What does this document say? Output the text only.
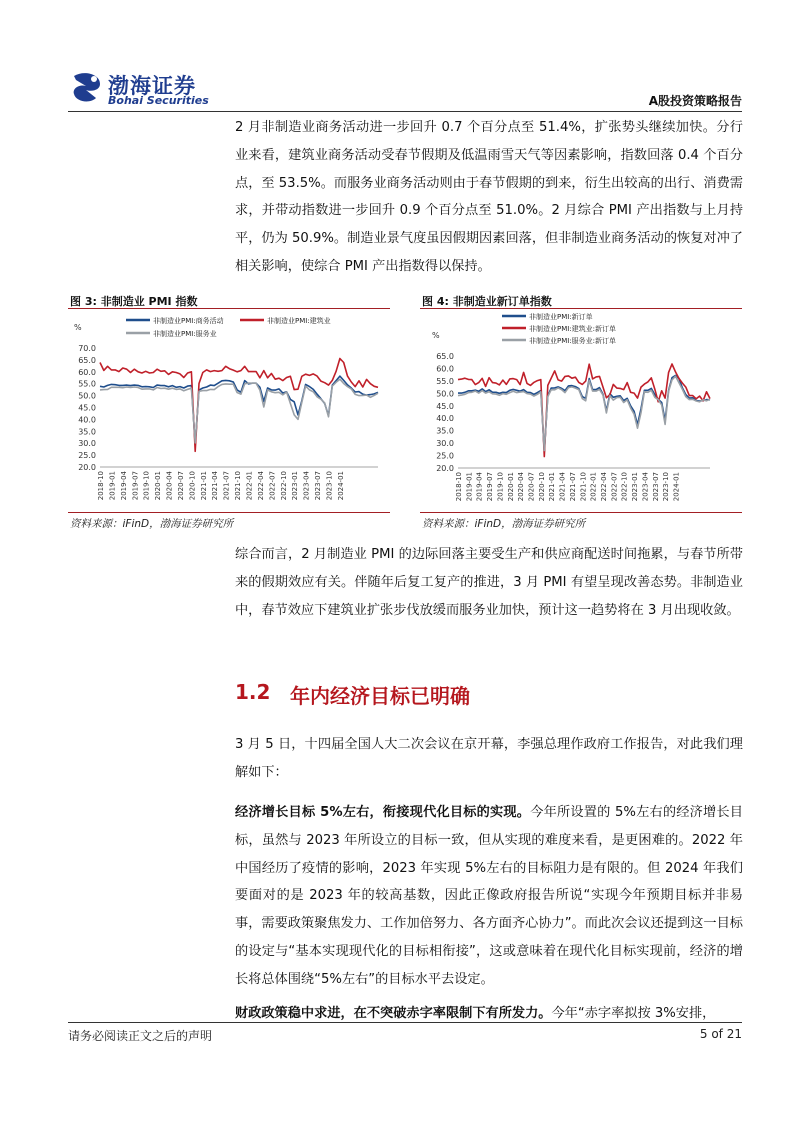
渤海证券
Bohai Securities	A股投资策略报告

2 月非制造业商务活动进一步回升 0.7 个百分点至 51.4%，扩张势头继续加快。分行业来看，建筑业商务活动受春节假期及低温雨雪天气等因素影响，指数回落 0.4 个百分点，至 53.5%。而服务业商务活动则由于春节假期的到来，衍生出较高的出行、消费需求，并带动指数进一步回升 0.9 个百分点至 51.0%。2 月综合 PMI 产出指数与上月持平，仍为 50.9%。制造业景气度虽因假期因素回落，但非制造业商务活动的恢复对冲了相关影响，使综合 PMI 产出指数得以保持。

图 3: 非制造业 PMI 指数
%
70.0
65.0
60.0
55.0
50.0
45.0
40.0
35.0
30.0
25.0
20.0
2018-10 2019-01 2019-04 2019-07 2019-10 2020-01 2020-04 2020-07 2020-10 2021-01 2021-04 2021-07 2021-10 2022-01 2022-04 2022-07 2022-10 2023-01 2023-04 2023-07 2023-10 2024-01
非制造业PMI:商务活动	非制造业PMI:建筑业
非制造业PMI:服务业
资料来源：iFinD，渤海证券研究所
图 4: 非制造业新订单指数
%
65.0
60.0
55.0
50.0
45.0
40.0
35.0
30.0
25.0
20.0
2018-10 2019-01 2019-04 2019-07 2019-10 2020-01 2020-04 2020-07 2020-10 2021-01 2021-04 2021-07 2021-10 2022-01 2022-04 2022-07 2022-10 2023-01 2023-04 2023-07 2023-10 2024-01
非制造业PMI:新订单
非制造业PMI:建筑业:新订单
非制造业PMI:服务业:新订单
资料来源：iFinD，渤海证券研究所

综合而言，2 月制造业 PMI 的边际回落主要受生产和供应商配送时间拖累，与春节所带来的假期效应有关。伴随年后复工复产的推进，3 月 PMI 有望呈现改善态势。非制造业中，春节效应下建筑业扩张步伐放缓而服务业加快，预计这一趋势将在 3 月出现收敛。

1.2 年内经济目标已明确

3 月 5 日，十四届全国人大二次会议在京开幕，李强总理作政府工作报告，对此我们理解如下：

经济增长目标 5%左右，衔接现代化目标的实现。今年所设置的 5%左右的经济增长目标，虽然与 2023 年所设立的目标一致，但从实现的难度来看，是更困难的。2022 年中国经历了疫情的影响，2023 年实现 5%左右的目标阻力是有限的。但 2024 年我们要面对的是 2023 年的较高基数，因此正像政府报告所说“实现今年预期目标并非易事，需要政策聚焦发力、工作加倍努力、各方面齐心协力”。而此次会议还提到这一目标的设定与“基本实现现代化的目标相衔接”，这或意味着在现代化目标实现前，经济的增长将总体围绕“5%左右”的目标水平去设定。

财政政策稳中求进，在不突破赤字率限制下有所发力。今年“赤字率拟按 3%安排，

请务必阅读正文之后的声明	5 of 21
